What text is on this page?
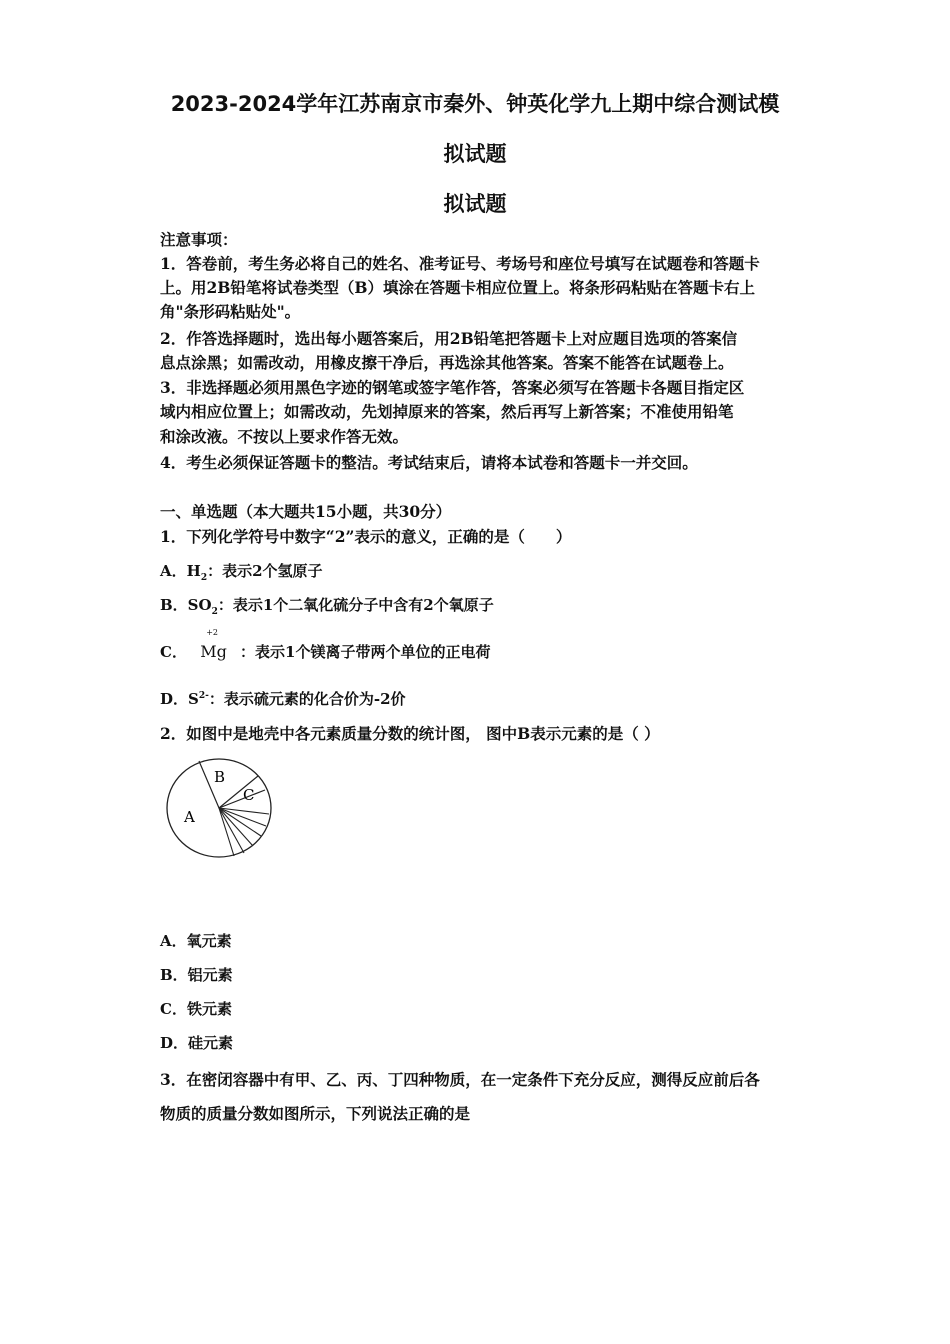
2023-2024学年江苏南京市秦外、钟英化学九上期中综合测试模
拟试题
拟试题
注意事项：
1．答卷前，考生务必将自己的姓名、准考证号、考场号和座位号填写在试题卷和答题卡
上。用2B铅笔将试卷类型（B）填涂在答题卡相应位置上。将条形码粘贴在答题卡右上
角"条形码粘贴处"。
2．作答选择题时，选出每小题答案后，用2B铅笔把答题卡上对应题目选项的答案信
息点涂黑；如需改动，用橡皮擦干净后，再选涂其他答案。答案不能答在试题卷上。
3．非选择题必须用黑色字迹的钢笔或签字笔作答，答案必须写在答题卡各题目指定区
域内相应位置上；如需改动，先划掉原来的答案，然后再写上新答案；不准使用铅笔
和涂改液。不按以上要求作答无效。
4．考生必须保证答题卡的整洁。考试结束后，请将本试卷和答题卡一并交回。
一、单选题（本大题共15小题，共30分）
1．下列化学符号中数字“2”表示的意义，正确的是（　　）
A．$H_2$：表示2个氢原子
B．$SO_2$：表示1个二氧化硫分子中含有2个氧原子
C．
+2
Mg ：表示1个镁离子带两个单位的正电荷
D．$S^{2-}$：表示硫元素的化合价为-2价
2．如图中是地壳中各元素质量分数的统计图， 图中B表示元素的是（ ）
A
B
C
A．氧元素
B．铝元素
C．铁元素
D．硅元素
3．在密闭容器中有甲、乙、丙、丁四种物质，在一定条件下充分反应，测得反应前后各
物质的质量分数如图所示，下列说法正确的是
